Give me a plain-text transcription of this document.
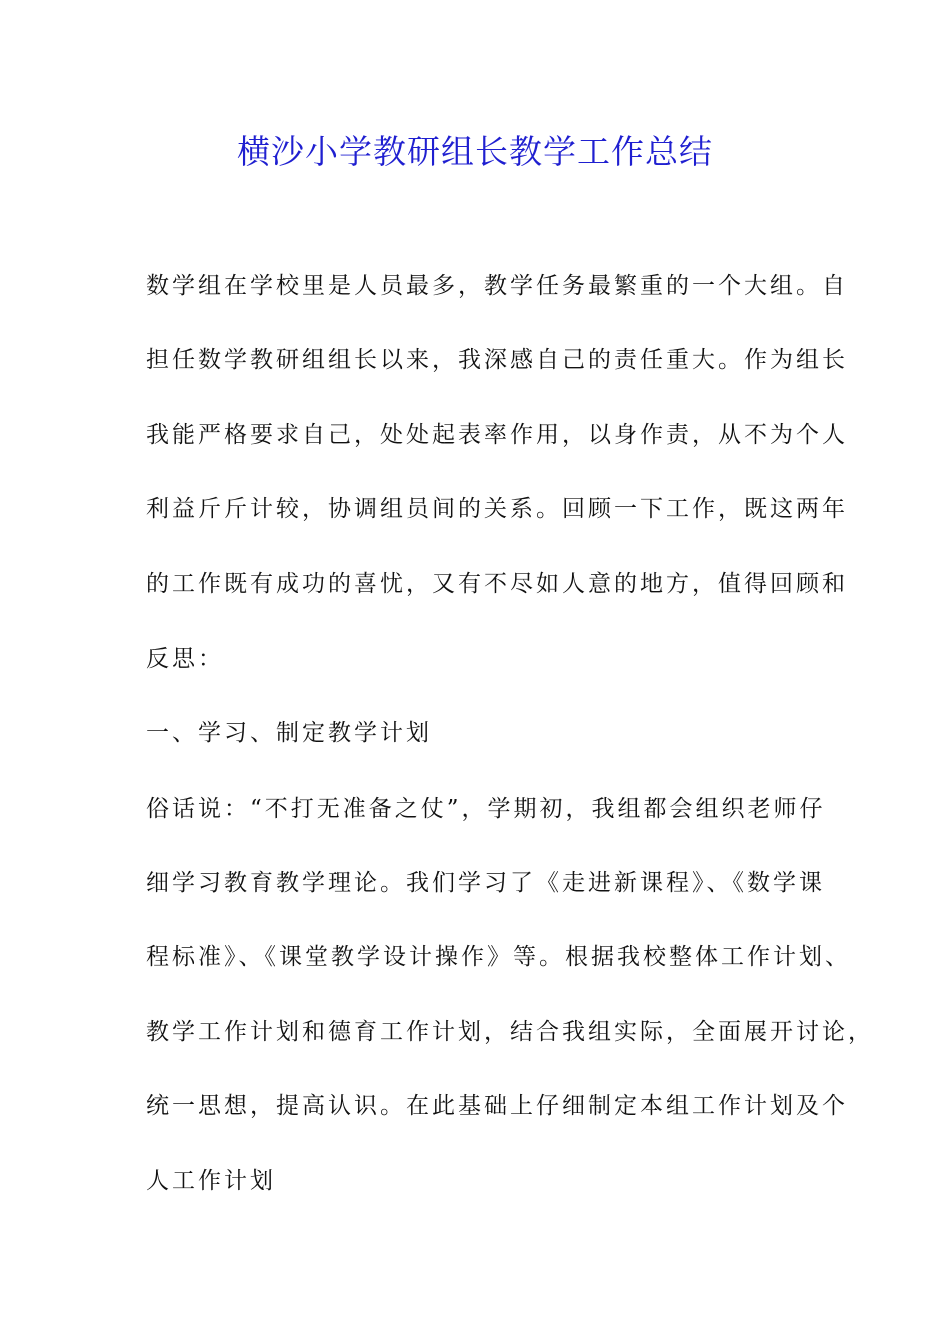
横沙小学教研组长教学工作总结
数学组在学校里是人员最多，教学任务最繁重的一个大组。自
担任数学教研组组长以来，我深感自己的责任重大。作为组长
我能严格要求自己，处处起表率作用，以身作责，从不为个人
利益斤斤计较，协调组员间的关系。回顾一下工作，既这两年
的工作既有成功的喜忧，又有不尽如人意的地方，值得回顾和
反思：
一、学习、制定教学计划
俗话说：“不打无准备之仗”，学期初，我组都会组织老师仔
细学习教育教学理论。我们学习了《走进新课程》、《数学课
程标准》、《课堂教学设计操作》等。根据我校整体工作计划、
教学工作计划和德育工作计划，结合我组实际，全面展开讨论，
统一思想，提高认识。在此基础上仔细制定本组工作计划及个
人工作计划
